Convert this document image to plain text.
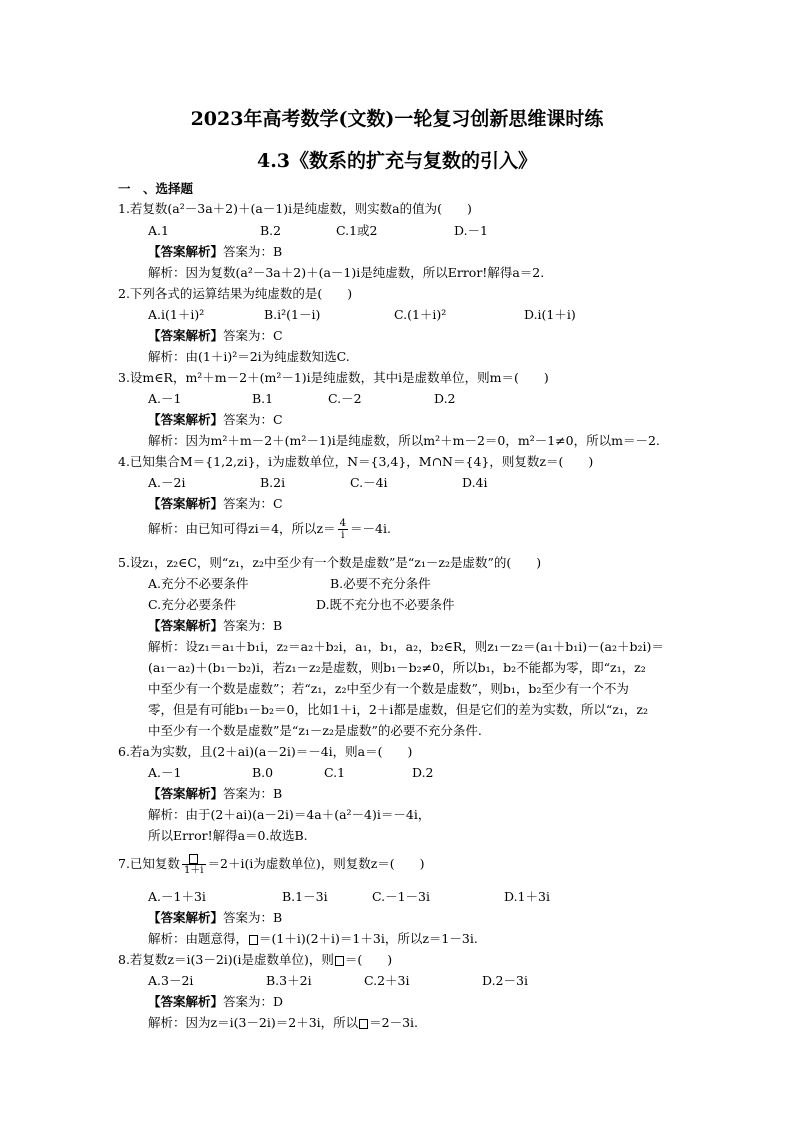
2023年高考数学(文数)一轮复习创新思维课时练
4.3《数系的扩充与复数的引入》
一　、选择题
1.若复数(a²－3a＋2)＋(a－1)i是纯虚数，则实数a的值为(　　)
A.1	B.2	C.1或2	D.－1
【答案解析】答案为：B
解析：因为复数(a²－3a＋2)＋(a－1)i是纯虚数，所以Error!解得a＝2.
2.下列各式的运算结果为纯虚数的是(　　)
A.i(1＋i)²	B.i²(1－i)	C.(1＋i)²	D.i(1＋i)
【答案解析】答案为：C
解析：由(1＋i)²＝2i为纯虚数知选C.
3.设m∈R，m²＋m－2＋(m²－1)i是纯虚数，其中i是虚数单位，则m＝(　　)
A.－1	B.1	C.－2	D.2
【答案解析】答案为：C
解析：因为m²＋m－2＋(m²－1)i是纯虚数，所以m²＋m－2＝0，m²－1≠0，所以m＝－2.
4.已知集合M＝{1,2,zi}，i为虚数单位，N＝{3,4}，M∩N＝{4}，则复数z＝(　　)
A.－2i	B.2i	C.－4i	D.4i
【答案解析】答案为：C
解析：由已知可得zi＝4，所以$z= \frac{4}{i} =-4i$.
5.设z₁，z₂∈C，则“z₁，z₂中至少有一个数是虚数”是“z₁－z₂是虚数”的(　　)
A.充分不必要条件	B.必要不充分条件
C.充分必要条件	D.既不充分也不必要条件
【答案解析】答案为：B
解析：设z₁＝a₁＋b₁i，z₂＝a₂＋b₂i，a₁，b₁，a₂，b₂∈R，则z₁－z₂＝(a₁＋b₁i)－(a₂＋b₂i)＝
(a₁－a₂)＋(b₁－b₂)i，若z₁－z₂是虚数，则b₁－b₂≠0，所以b₁，b₂不能都为零，即“z₁，z₂
中至少有一个数是虚数”；若“z₁，z₂中至少有一个数是虚数”，则b₁，b₂至少有一个不为
零，但是有可能b₁－b₂＝0，比如1＋i，2＋i都是虚数，但是它们的差为实数，所以“z₁，z₂
中至少有一个数是虚数”是“z₁－z₂是虚数”的必要不充分条件.
6.若a为实数，且(2＋ai)(a－2i)＝－4i，则a＝(　　)
A.－1	B.0	C.1	D.2
【答案解析】答案为：B
解析：由于(2＋ai)(a－2i)＝4a＋(a²－4)i＝－4i，
所以Error!解得a＝0.故选B.
7.已知复数 1＋i ＝2＋i(i为虚数单位)，则复数z＝(　　)
A.－1＋3i	B.1－3i	C.－1－3i	D.1＋3i
【答案解析】答案为：B
解析：由题意得， ＝(1＋i)(2＋i)＝1＋3i，所以z＝1－3i.
8.若复数z＝i(3－2i)(i是虚数单位)，则 ＝(　　)
A.3－2i	B.3＋2i	C.2＋3i	D.2－3i
【答案解析】答案为：D
解析：因为z＝i(3－2i)＝2＋3i，所以 ＝2－3i.
